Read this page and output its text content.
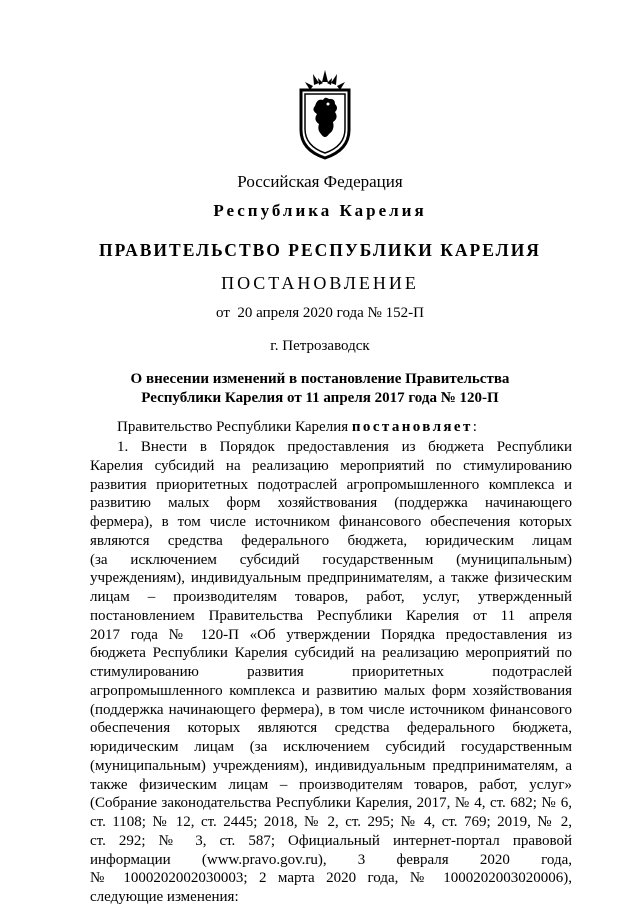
Российская Федерация
Республика Карелия
ПРАВИТЕЛЬСТВО РЕСПУБЛИКИ КАРЕЛИЯ
ПОСТАНОВЛЕНИЕ
от  20 апреля 2020 года № 152-П
г. Петрозаводск
О внесении изменений в постановление Правительства
Республики Карелия от 11 апреля 2017 года № 120-П
Правительство Республики Карелия постановляет:
1. Внести в Порядок предоставления из бюджета Республики
Карелия субсидий на реализацию мероприятий по стимулированию
развития приоритетных подотраслей агропромышленного комплекса и
развитию малых форм хозяйствования (поддержка начинающего
фермера), в том числе источником финансового обеспечения которых
являются средства федерального бюджета, юридическим лицам
(за исключением субсидий государственным (муниципальным)
учреждениям), индивидуальным предпринимателям, а также физическим
лицам – производителям товаров, работ, услуг, утвержденный
постановлением Правительства Республики Карелия от 11 апреля
2017 года № 120-П «Об утверждении Порядка предоставления из
бюджета Республики Карелия субсидий на реализацию мероприятий по
стимулированию развития приоритетных подотраслей
агропромышленного комплекса и развитию малых форм хозяйствования
(поддержка начинающего фермера), в том числе источником финансового
обеспечения которых являются средства федерального бюджета,
юридическим лицам (за исключением субсидий государственным
(муниципальным) учреждениям), индивидуальным предпринимателям, а
также физическим лицам – производителям товаров, работ, услуг»
(Собрание законодательства Республики Карелия, 2017, № 4, ст. 682; № 6,
ст. 1108; № 12, ст. 2445; 2018, № 2, ст. 295; № 4, ст. 769; 2019, № 2,
ст. 292; № 3, ст. 587; Официальный интернет-портал правовой
информации (www.pravo.gov.ru), 3 февраля 2020 года,
№ 1000202002030003; 2 марта 2020 года, № 1000202003020006),
следующие изменения:
